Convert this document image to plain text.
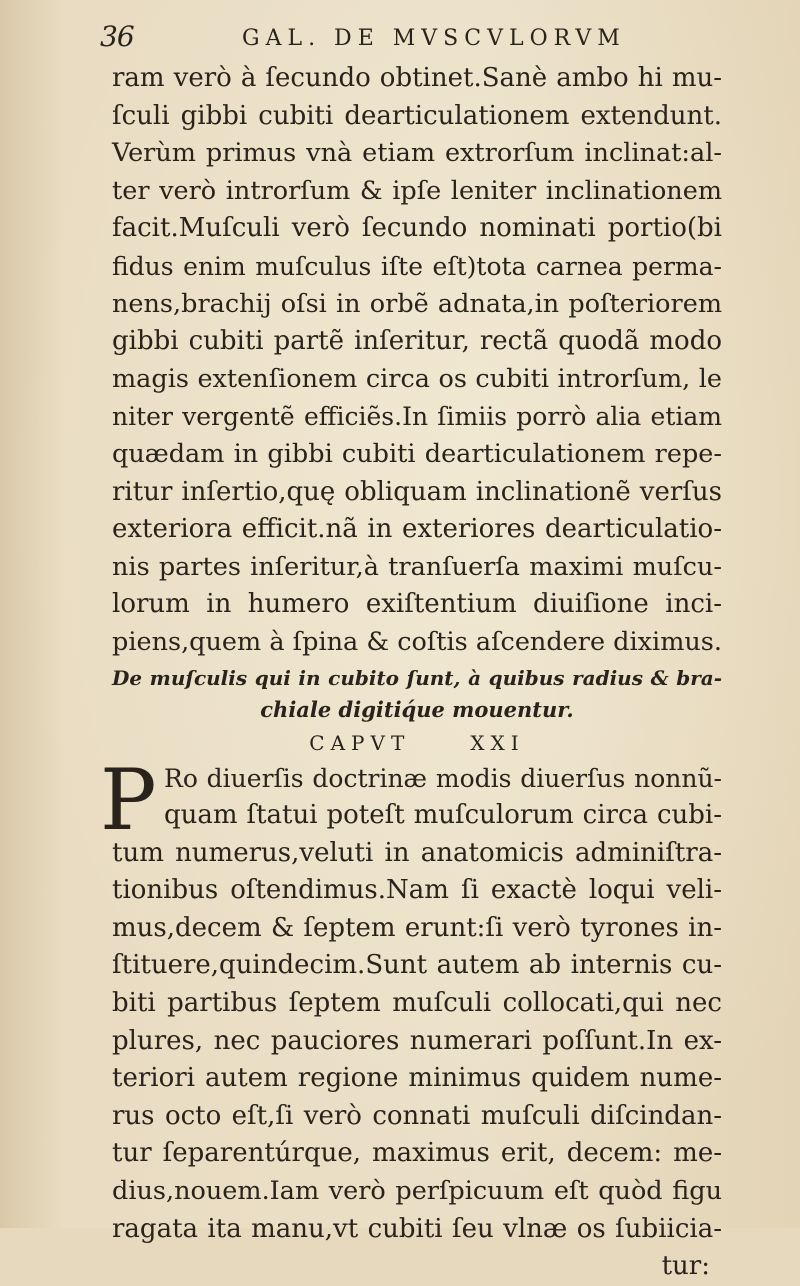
36	GAL. DE MVSCVLORVM
ram verò à ſecundo obtinet.Sanè ambo hi mu-
ſculi gibbi cubiti dearticulationem extendunt.
Verùm primus vnà etiam extrorſum inclinat:al-
ter verò introrſum & ipſe leniter inclinationem
facit.Muſculi verò ſecundo nominati portio(bi
fidus enim muſculus iſte eſt)tota carnea perma-
nens,brachij oſsi in orbẽ adnata,in poſteriorem
gibbi cubiti partẽ inſeritur, rectã quodã modo
magis extenſionem circa os cubiti introrſum, le
niter vergentẽ efficiẽs.In ſimiis porrò alia etiam
quædam in gibbi cubiti dearticulationem repe-
ritur inſertio,quę obliquam inclinationẽ verſus
exteriora efficit.nã in exteriores dearticulatio-
nis partes inſeritur,à tranſuerſa maximi muſcu-
lorum in humero exiſtentium diuiſione inci-
piens,quem à ſpina & coſtis aſcendere diximus.
De muſculis qui in cubito ſunt, à quibus radius & bra-
chiale digitiq́ue mouentur.
CAPVT	XXI
P Ro diuerſis doctrinæ modis diuerſus nonnũ-
quam ſtatui poteſt muſculorum circa cubi-
tum numerus,veluti in anatomicis adminiſtra-
tionibus oſtendimus.Nam ſi exactè loqui veli-
mus,decem & ſeptem erunt:ſi verò tyrones in-
ſtituere,quindecim.Sunt autem ab internis cu-
biti partibus ſeptem muſculi collocati,qui nec
plures, nec pauciores numerari poſſunt.In ex-
teriori autem regione minimus quidem nume-
rus octo eſt,ſi verò connati muſculi diſcindan-
tur ſeparentúrque, maximus erit, decem: me-
dius,nouem.Iam verò perſpicuum eſt quòd figu
ragata ita manu,vt cubiti ſeu vlnæ os ſubiicia-
tur:
